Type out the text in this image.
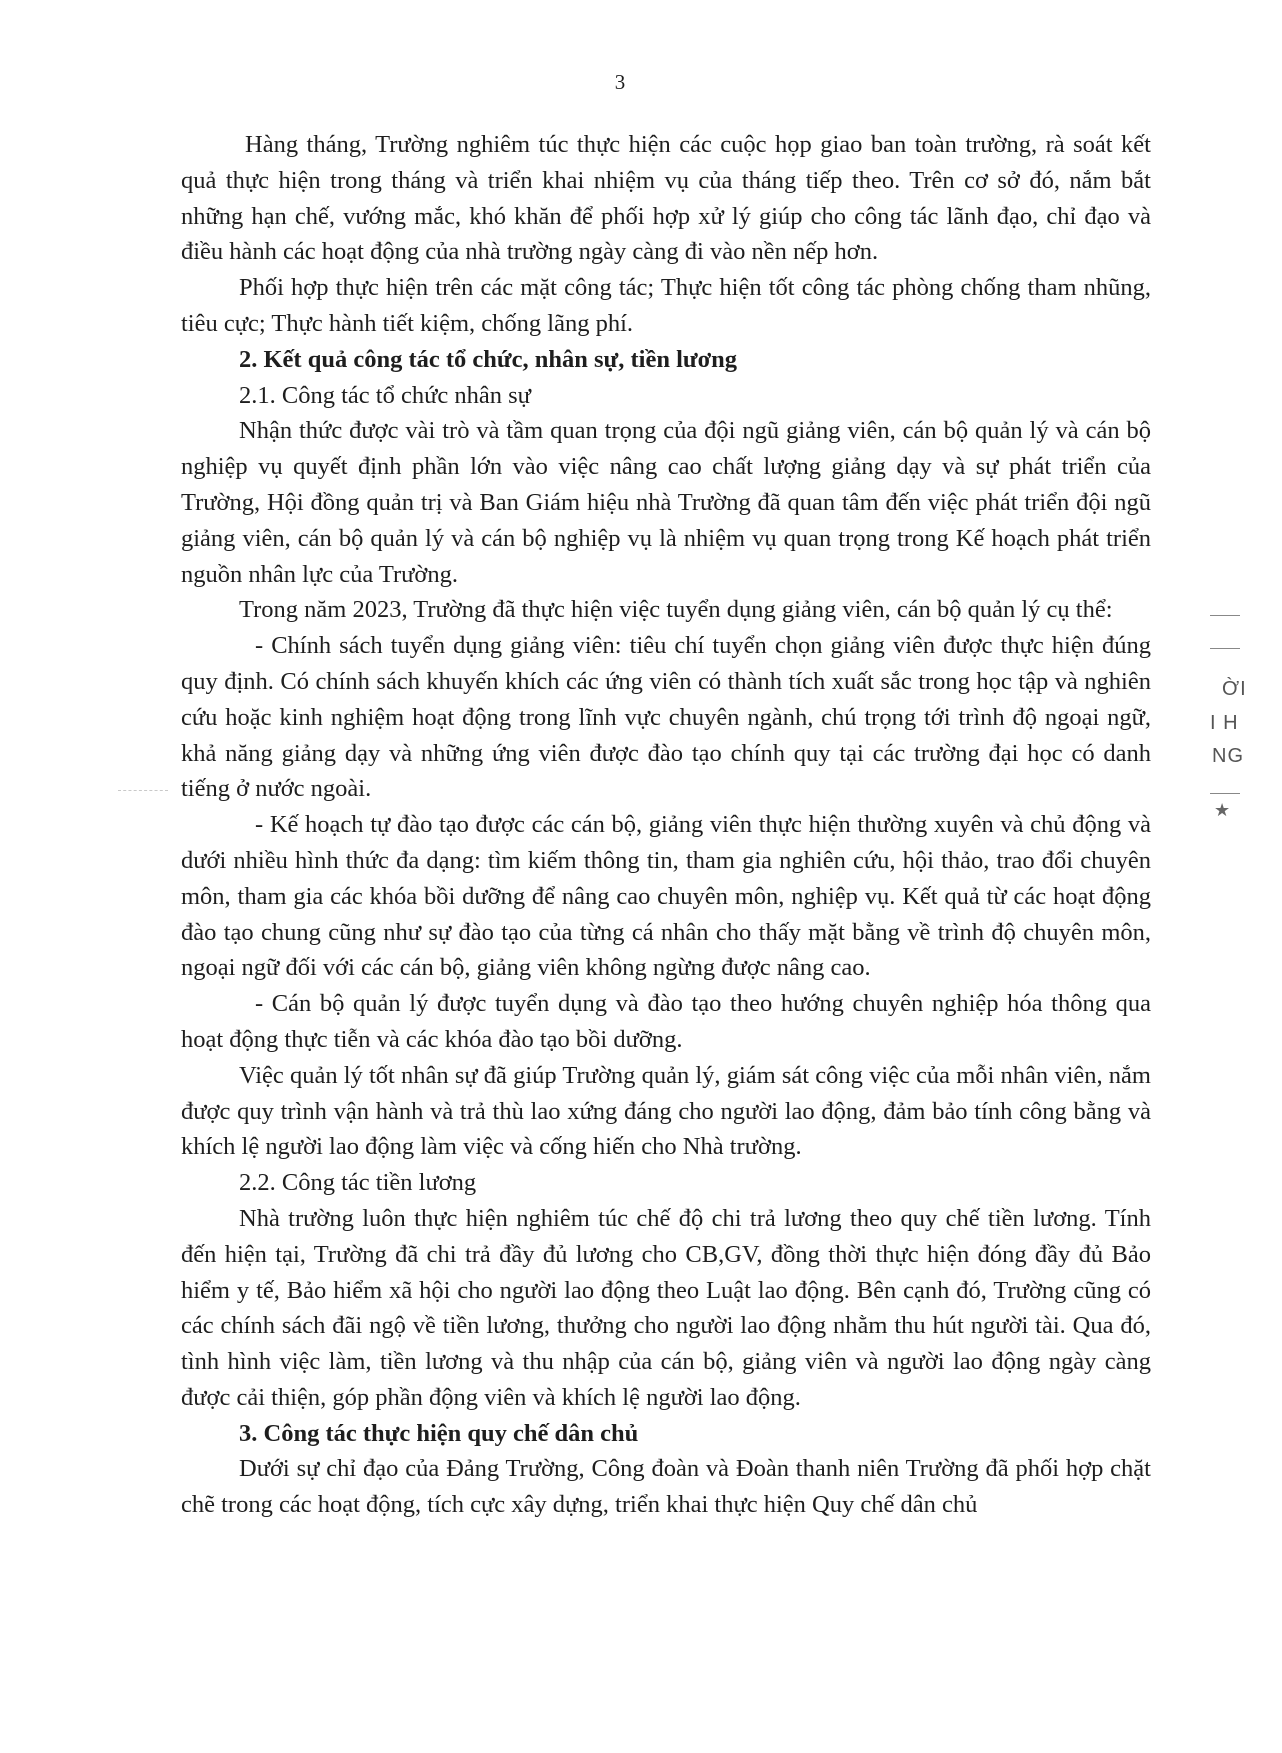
3

Hàng tháng, Trường nghiêm túc thực hiện các cuộc họp giao ban toàn trường, rà soát kết quả thực hiện trong tháng và triển khai nhiệm vụ của tháng tiếp theo. Trên cơ sở đó, nắm bắt những hạn chế, vướng mắc, khó khăn để phối hợp xử lý giúp cho công tác lãnh đạo, chỉ đạo và điều hành các hoạt động của nhà trường ngày càng đi vào nền nếp hơn.

Phối hợp thực hiện trên các mặt công tác; Thực hiện tốt công tác phòng chống tham nhũng, tiêu cực; Thực hành tiết kiệm, chống lãng phí.

2. Kết quả công tác tổ chức, nhân sự, tiền lương

2.1. Công tác tổ chức nhân sự

Nhận thức được vài trò và tầm quan trọng của đội ngũ giảng viên, cán bộ quản lý và cán bộ nghiệp vụ quyết định phần lớn vào việc nâng cao chất lượng giảng dạy và sự phát triển của Trường, Hội đồng quản trị và Ban Giám hiệu nhà Trường đã quan tâm đến việc phát triển đội ngũ giảng viên, cán bộ quản lý và cán bộ nghiệp vụ là nhiệm vụ quan trọng trong Kế hoạch phát triển nguồn nhân lực của Trường.

Trong năm 2023, Trường đã thực hiện việc tuyển dụng giảng viên, cán bộ quản lý cụ thể:

- Chính sách tuyển dụng giảng viên: tiêu chí tuyển chọn giảng viên được thực hiện đúng quy định. Có chính sách khuyến khích các ứng viên có thành tích xuất sắc trong học tập và nghiên cứu hoặc kinh nghiệm hoạt động trong lĩnh vực chuyên ngành, chú trọng tới trình độ ngoại ngữ, khả năng giảng dạy và những ứng viên được đào tạo chính quy tại các trường đại học có danh tiếng ở nước ngoài.

- Kế hoạch tự đào tạo được các cán bộ, giảng viên thực hiện thường xuyên và chủ động và dưới nhiều hình thức đa dạng: tìm kiếm thông tin, tham gia nghiên cứu, hội thảo, trao đổi chuyên môn, tham gia các khóa bồi dưỡng để nâng cao chuyên môn, nghiệp vụ. Kết quả từ các hoạt động đào tạo chung cũng như sự đào tạo của từng cá nhân cho thấy mặt bằng về trình độ chuyên môn, ngoại ngữ đối với các cán bộ, giảng viên không ngừng được nâng cao.

- Cán bộ quản lý được tuyển dụng và đào tạo theo hướng chuyên nghiệp hóa thông qua hoạt động thực tiễn và các khóa đào tạo bồi dưỡng.

Việc quản lý tốt nhân sự đã giúp Trường quản lý, giám sát công việc của mỗi nhân viên, nắm được quy trình vận hành và trả thù lao xứng đáng cho người lao động, đảm bảo tính công bằng và khích lệ người lao động làm việc và cống hiến cho Nhà trường.

2.2. Công tác tiền lương

Nhà trường luôn thực hiện nghiêm túc chế độ chi trả lương theo quy chế tiền lương. Tính đến hiện tại, Trường đã chi trả đầy đủ lương cho CB,GV, đồng thời thực hiện đóng đầy đủ Bảo hiểm y tế, Bảo hiểm xã hội cho người lao động theo Luật lao động. Bên cạnh đó, Trường cũng có các chính sách đãi ngộ về tiền lương, thưởng cho người lao động nhằm thu hút người tài. Qua đó, tình hình việc làm, tiền lương và thu nhập của cán bộ, giảng viên và người lao động ngày càng được cải thiện, góp phần động viên và khích lệ người lao động.

3. Công tác thực hiện quy chế dân chủ

Dưới sự chỉ đạo của Đảng Trường, Công đoàn và Đoàn thanh niên Trường đã phối hợp chặt chẽ trong các hoạt động, tích cực xây dựng, triển khai thực hiện Quy chế dân chủ

ỜI
I H
NG
★
